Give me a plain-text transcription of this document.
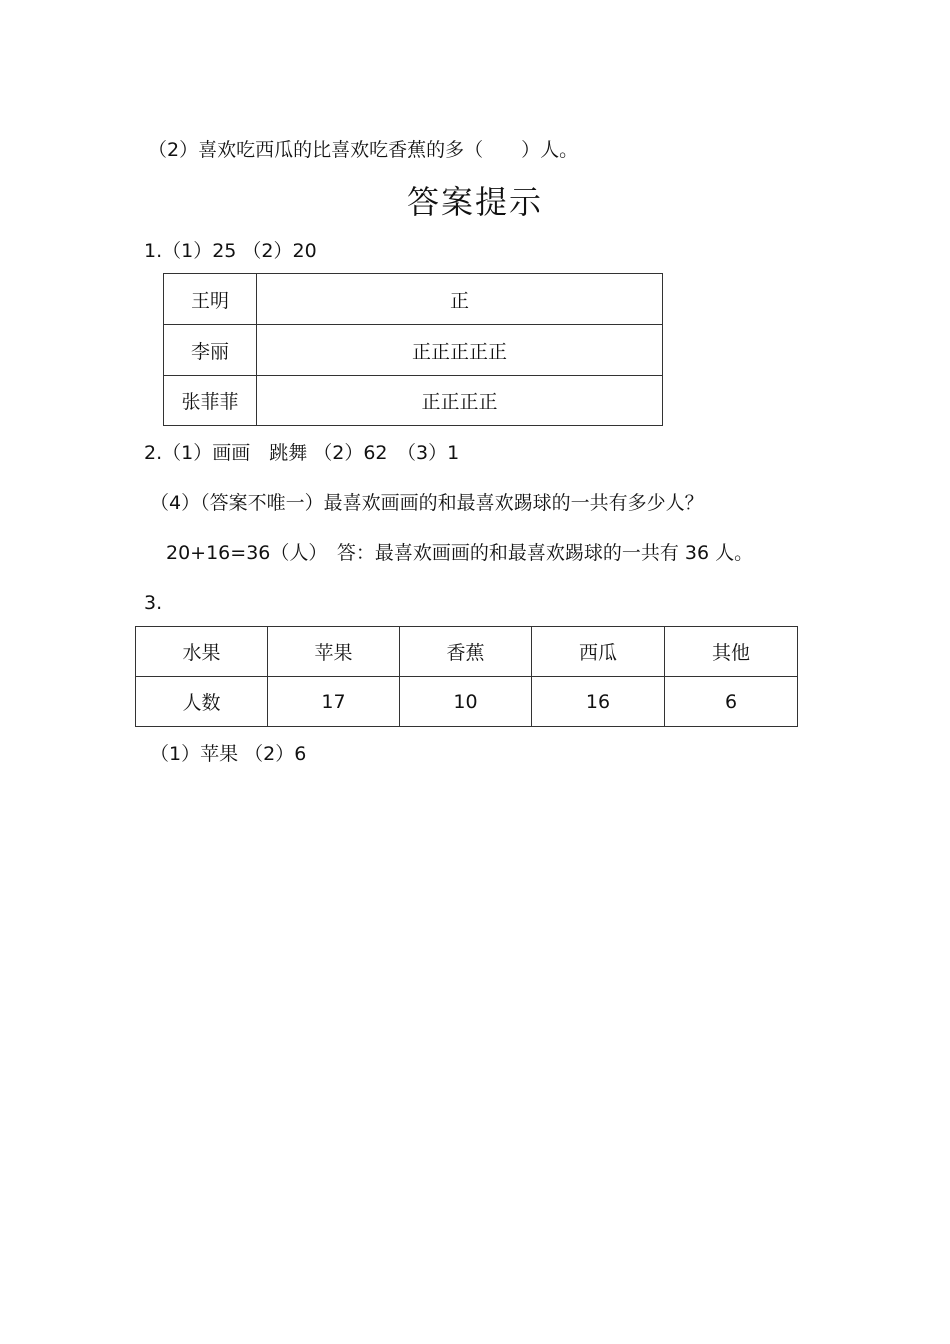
（2）喜欢吃西瓜的比喜欢吃香蕉的多（　　）人。
答案提示
1.（1）25 （2）20
王明	正
李丽	正正正正正
张菲菲	正正正正
2.（1）画画　跳舞 （2）62　（3）1
（4）（答案不唯一）最喜欢画画的和最喜欢踢球的一共有多少人？
20+16=36（人）　答：最喜欢画画的和最喜欢踢球的一共有 36 人。
3.
水果	苹果	香蕉	西瓜	其他
人数	17	10	16	6
（1）苹果 （2）6
